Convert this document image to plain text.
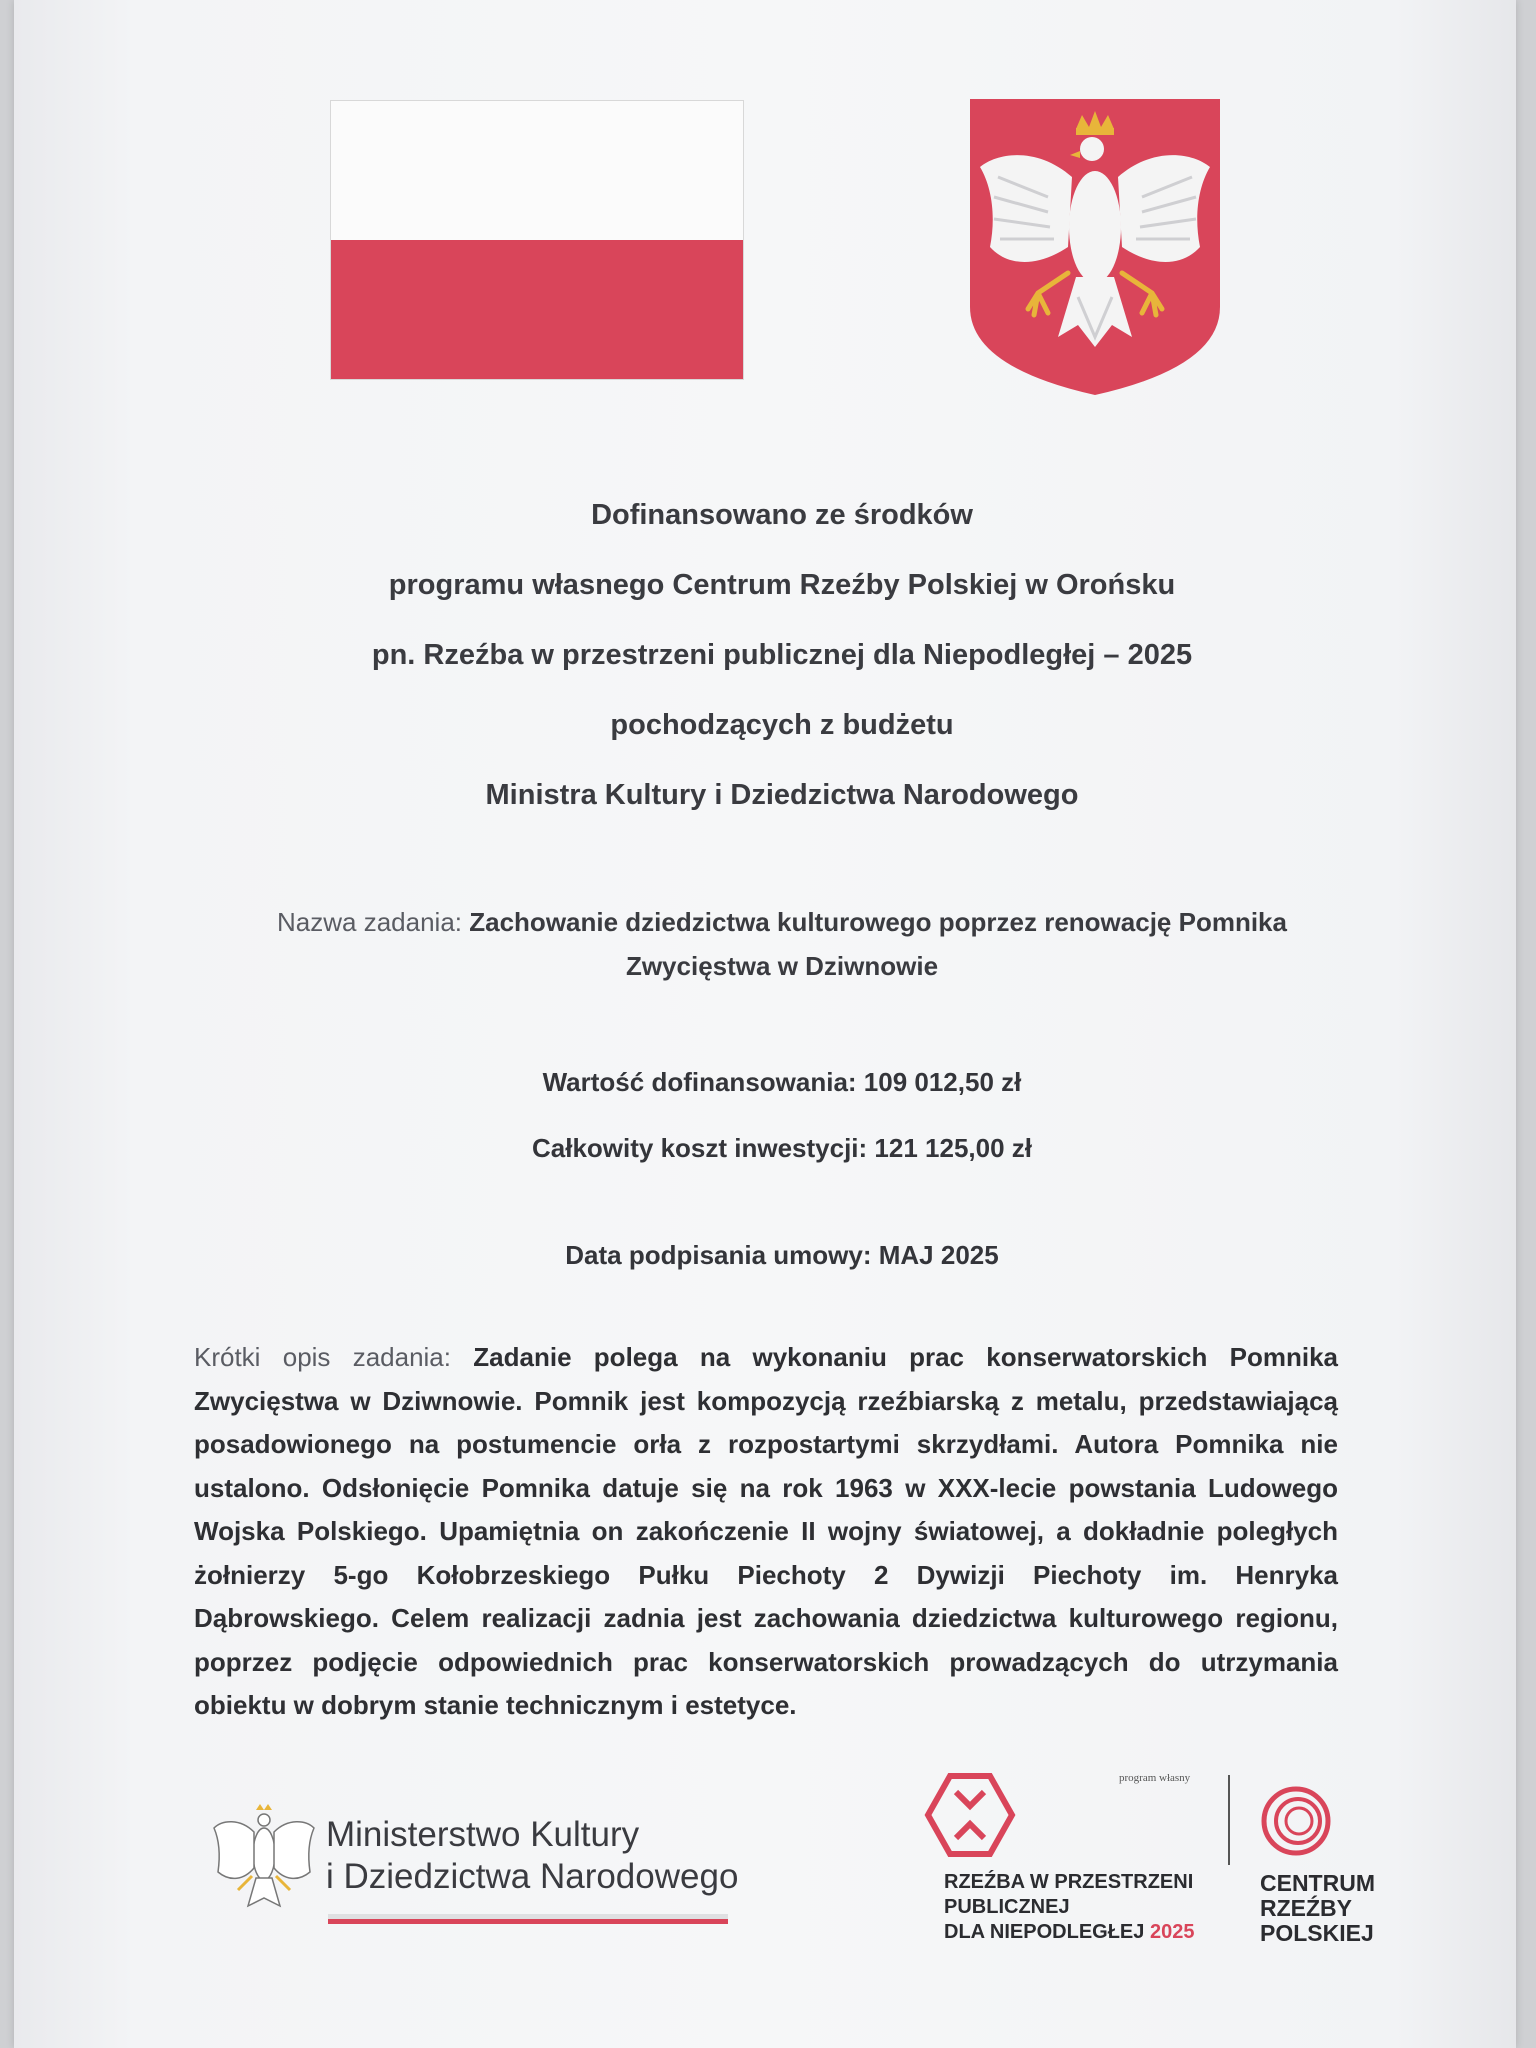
Dofinansowano ze środków
programu własnego Centrum Rzeźby Polskiej w Orońsku
pn. Rzeźba w przestrzeni publicznej dla Niepodległej – 2025
pochodzących z budżetu
Ministra Kultury i Dziedzictwa Narodowego
Nazwa zadania: Zachowanie dziedzictwa kulturowego poprzez renowację Pomnika Zwycięstwa w Dziwnowie
Wartość dofinansowania: 109 012,50 zł
Całkowity koszt inwestycji: 121 125,00 zł
Data podpisania umowy: MAJ 2025
Krótki opis zadania: Zadanie polega na wykonaniu prac konserwatorskich Pomnika Zwycięstwa w Dziwnowie. Pomnik jest kompozycją rzeźbiarską z metalu, przedstawiającą posadowionego na postumencie orła z rozpostartymi skrzydłami. Autora Pomnika nie ustalono. Odsłonięcie Pomnika datuje się na rok 1963 w XXX-lecie powstania Ludowego Wojska Polskiego. Upamiętnia on zakończenie II wojny światowej, a dokładnie poległych żołnierzy 5-go Kołobrzeskiego Pułku Piechoty 2 Dywizji Piechoty im. Henryka Dąbrowskiego. Celem realizacji zadnia jest zachowania dziedzictwa kulturowego regionu, poprzez podjęcie odpowiednich prac konserwatorskich prowadzących do utrzymania obiektu w dobrym stanie technicznym i estetyce.
Ministerstwo Kultury
i Dziedzictwa Narodowego
program własny
RZEŹBA W PRZESTRZENI
PUBLICZNEJ
DLA NIEPODLEGŁEJ 2025
CENTRUM
RZEŹBY
POLSKIEJ
